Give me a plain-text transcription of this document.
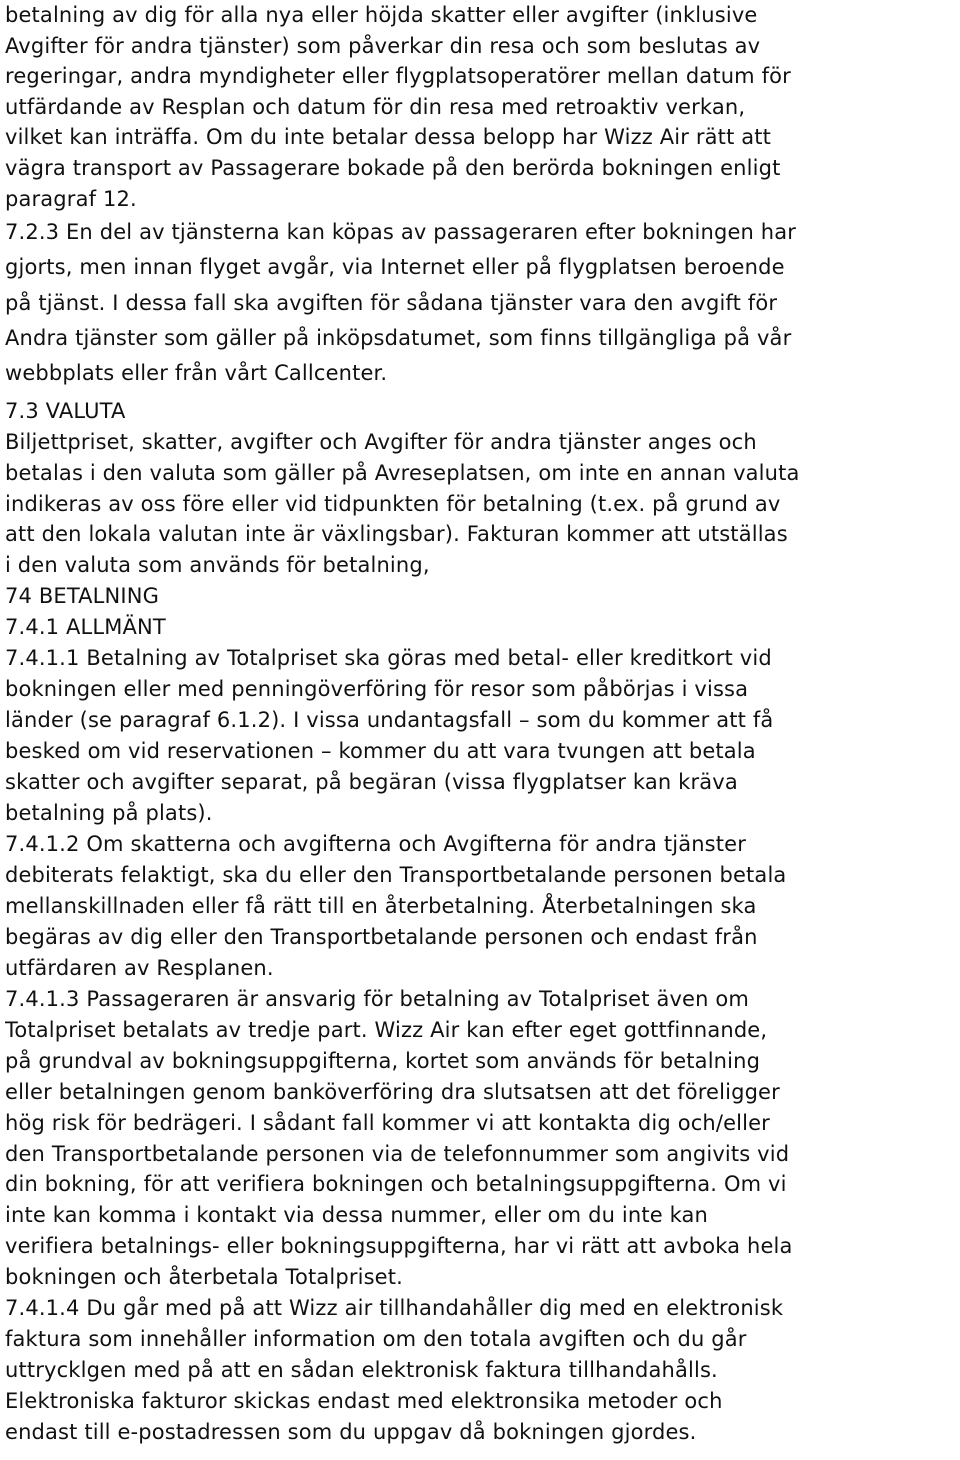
betalning av dig för alla nya eller höjda skatter eller avgifter (inklusive
Avgifter för andra tjänster) som påverkar din resa och som beslutas av
regeringar, andra myndigheter eller flygplatsoperatörer mellan datum för
utfärdande av Resplan och datum för din resa med retroaktiv verkan,
vilket kan inträffa. Om du inte betalar dessa belopp har Wizz Air rätt att
vägra transport av Passagerare bokade på den berörda bokningen enligt
paragraf 12.
7.2.3 En del av tjänsterna kan köpas av passageraren efter bokningen har
gjorts, men innan flyget avgår, via Internet eller på flygplatsen beroende
på tjänst. I dessa fall ska avgiften för sådana tjänster vara den avgift för
Andra tjänster som gäller på inköpsdatumet, som finns tillgängliga på vår
webbplats eller från vårt Callcenter.
7.3 VALUTA
Biljettpriset, skatter, avgifter och Avgifter för andra tjänster anges och
betalas i den valuta som gäller på Avreseplatsen, om inte en annan valuta
indikeras av oss före eller vid tidpunkten för betalning (t.ex. på grund av
att den lokala valutan inte är växlingsbar). Fakturan kommer att utställas
i den valuta som används för betalning,
74 BETALNING
7.4.1 ALLMÄNT
7.4.1.1 Betalning av Totalpriset ska göras med betal- eller kreditkort vid
bokningen eller med penningöverföring för resor som påbörjas i vissa
länder (se paragraf 6.1.2). I vissa undantagsfall – som du kommer att få
besked om vid reservationen – kommer du att vara tvungen att betala
skatter och avgifter separat, på begäran (vissa flygplatser kan kräva
betalning på plats).
7.4.1.2 Om skatterna och avgifterna och Avgifterna för andra tjänster
debiterats felaktigt, ska du eller den Transportbetalande personen betala
mellanskillnaden eller få rätt till en återbetalning. Återbetalningen ska
begäras av dig eller den Transportbetalande personen och endast från
utfärdaren av Resplanen.
7.4.1.3 Passageraren är ansvarig för betalning av Totalpriset även om
Totalpriset betalats av tredje part. Wizz Air kan efter eget gottfinnande,
på grundval av bokningsuppgifterna, kortet som används för betalning
eller betalningen genom banköverföring dra slutsatsen att det föreligger
hög risk för bedrägeri. I sådant fall kommer vi att kontakta dig och/eller
den Transportbetalande personen via de telefonnummer som angivits vid
din bokning, för att verifiera bokningen och betalningsuppgifterna. Om vi
inte kan komma i kontakt via dessa nummer, eller om du inte kan
verifiera betalnings- eller bokningsuppgifterna, har vi rätt att avboka hela
bokningen och återbetala Totalpriset.
7.4.1.4 Du går med på att Wizz air tillhandahåller dig med en elektronisk
faktura som innehåller information om den totala avgiften och du går
uttrycklgen med på att en sådan elektronisk faktura tillhandahålls.
Elektroniska fakturor skickas endast med elektronsika metoder och
endast till e-postadressen som du uppgav då bokningen gjordes.
